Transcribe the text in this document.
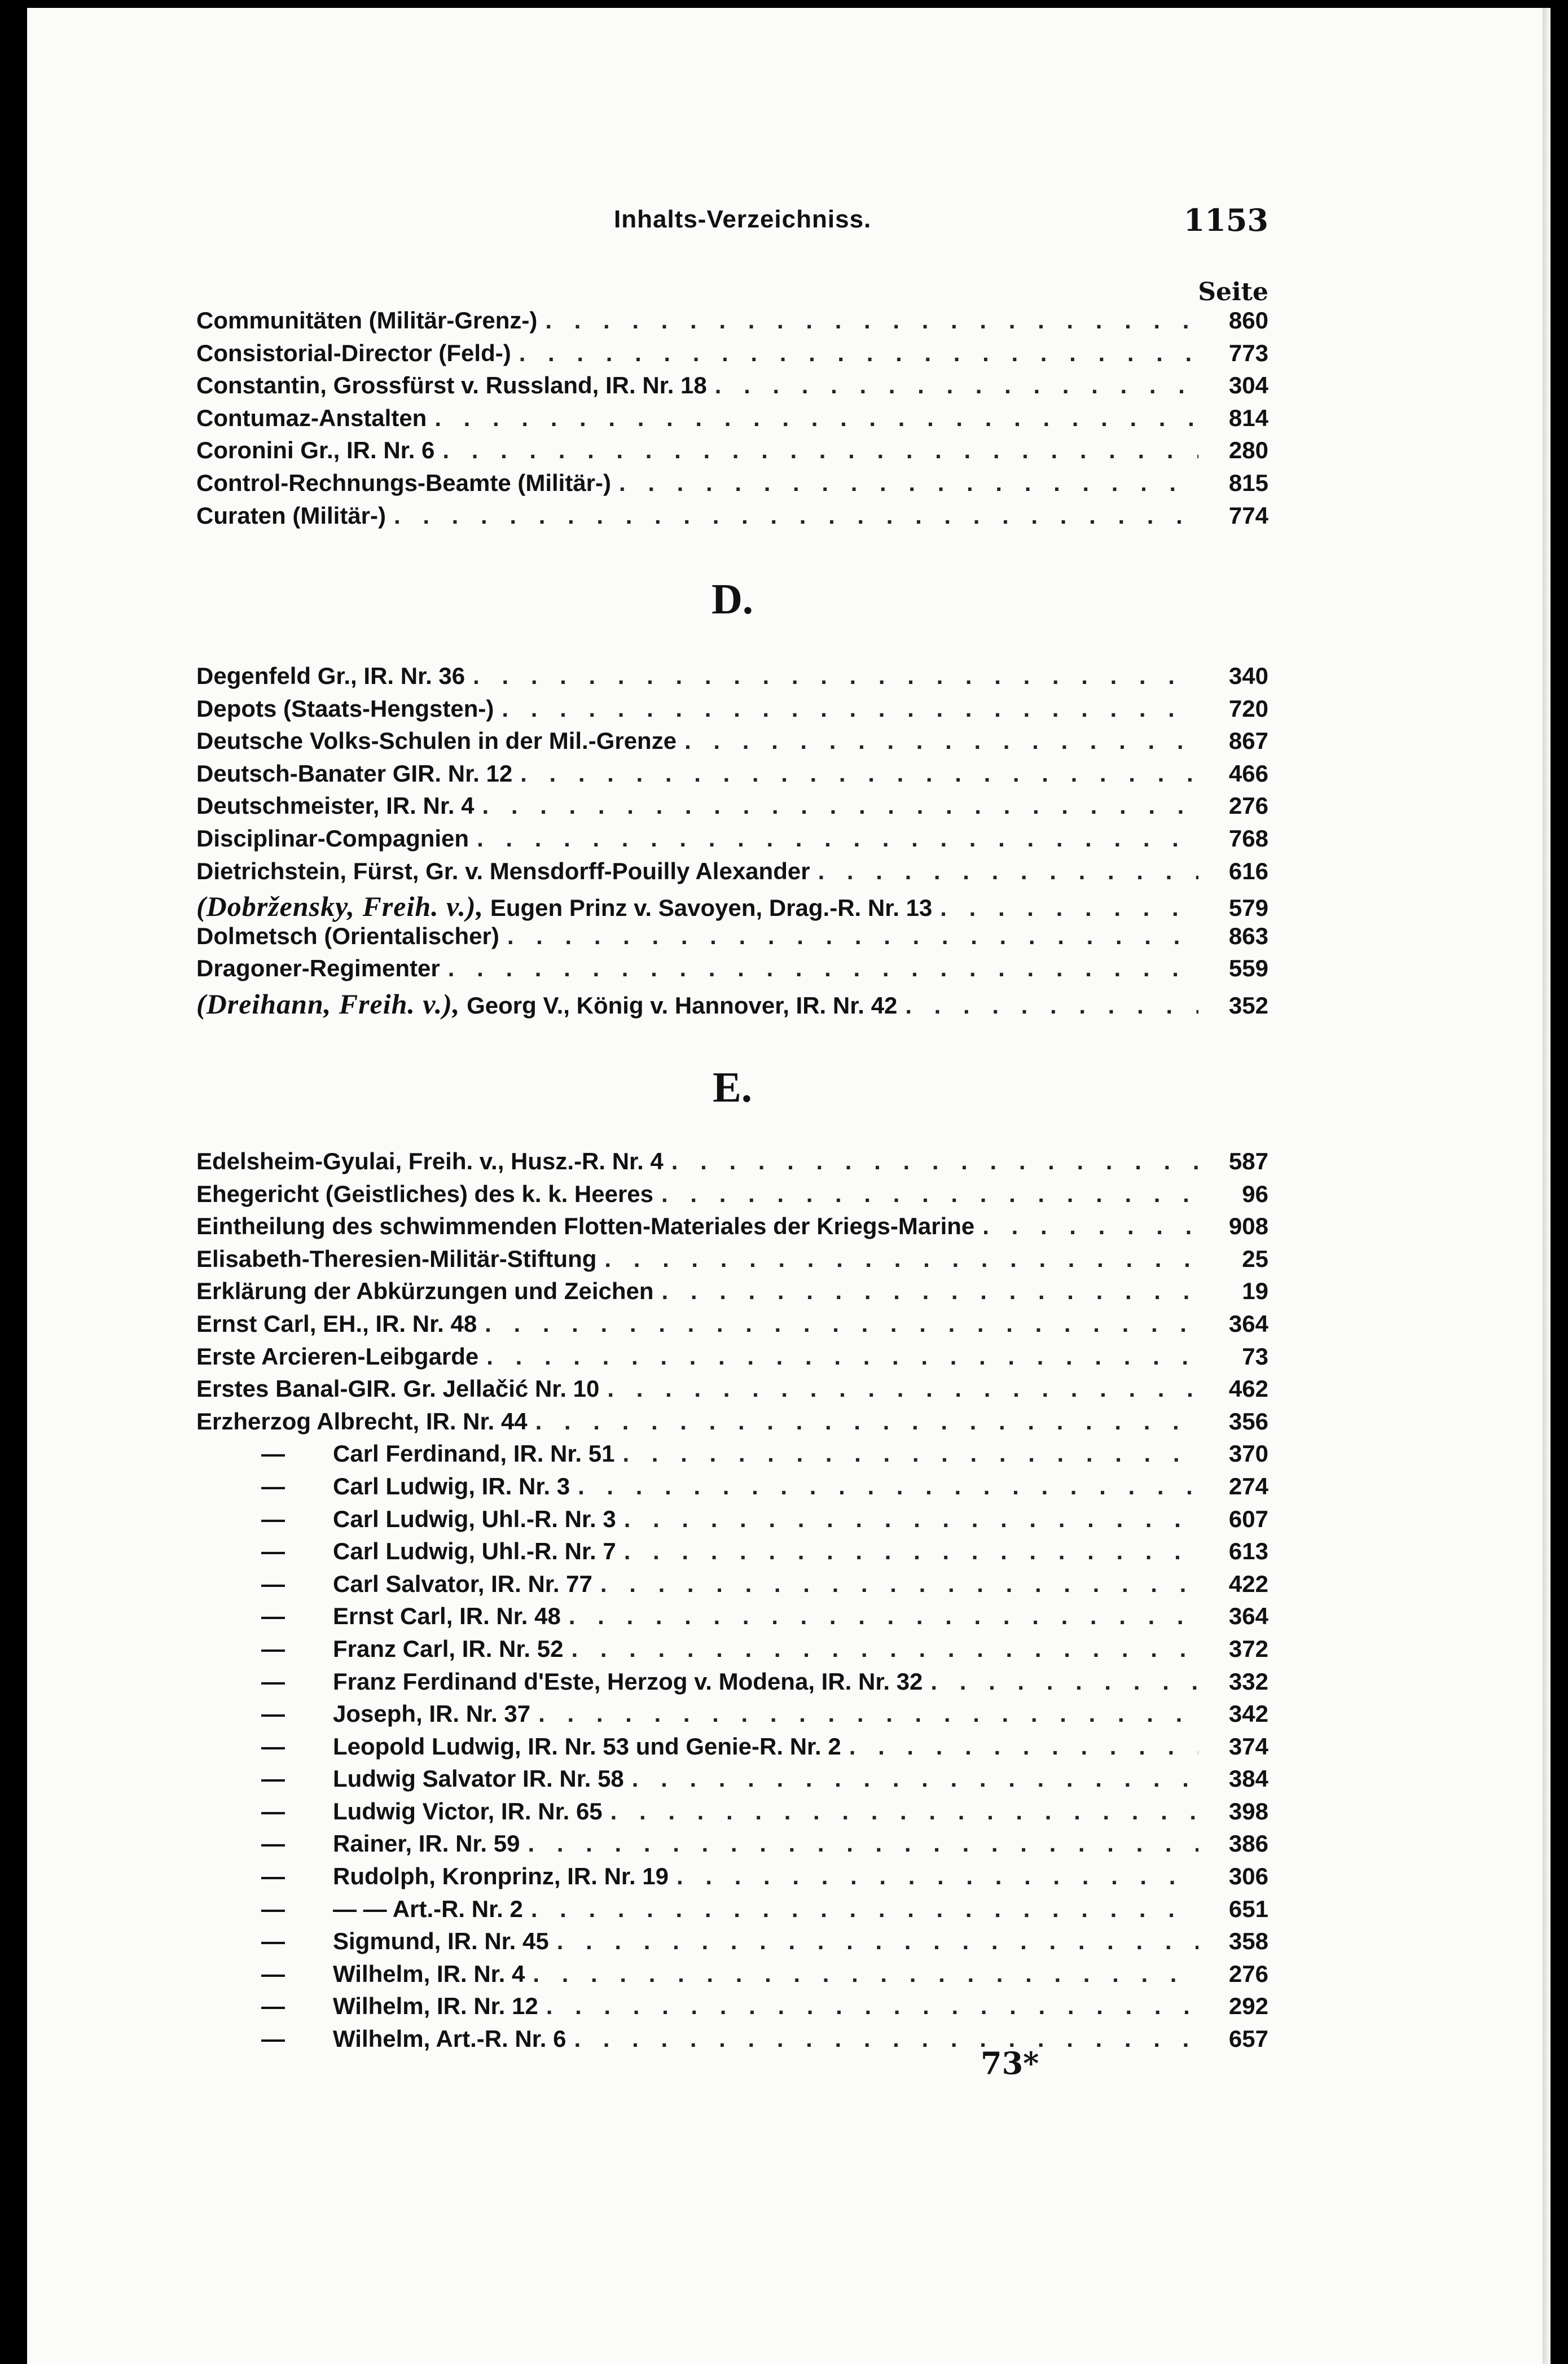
Inhalts-Verzeichniss.	1153
Seite
Communitäten (Militär-Grenz-) . . .	860
Consistorial-Director (Feld-) . . .	773
Constantin, Grossfürst v. Russland, IR. Nr. 18 . . .	304
Contumaz-Anstalten . . .	814
Coronini Gr., IR. Nr. 6 . . .	280
Control-Rechnungs-Beamte (Militär-) . . .	815
Curaten (Militär-) . . .	774
D.
Degenfeld Gr., IR. Nr. 36 . . .	340
Depots (Staats-Hengsten-) . . .	720
Deutsche Volks-Schulen in der Mil.-Grenze . . .	867
Deutsch-Banater GIR. Nr. 12 . . .	466
Deutschmeister, IR. Nr. 4 . . .	276
Disciplinar-Compagnien . . .	768
Dietrichstein, Fürst, Gr. v. Mensdorff-Pouilly Alexander . . .	616
(Dobržensky, Freih. v.), Eugen Prinz v. Savoyen, Drag.-R. Nr. 13 . . .	579
Dolmetsch (Orientalischer) . . .	863
Dragoner-Regimenter . . .	559
(Dreihann, Freih. v.), Georg V., König v. Hannover, IR. Nr. 42 . . .	352
E.
Edelsheim-Gyulai, Freih. v., Husz.-R. Nr. 4 . . .	587
Ehegericht (Geistliches) des k. k. Heeres . . .	96
Eintheilung des schwimmenden Flotten-Materiales der Kriegs-Marine . . .	908
Elisabeth-Theresien-Militär-Stiftung . . .	25
Erklärung der Abkürzungen und Zeichen . . .	19
Ernst Carl, EH., IR. Nr. 48 . . .	364
Erste Arcieren-Leibgarde . . .	73
Erstes Banal-GIR. Gr. Jellačić Nr. 10 . . .	462
Erzherzog Albrecht, IR. Nr. 44 . . .	356
—	Carl Ferdinand, IR. Nr. 51 . . .	370
—	Carl Ludwig, IR. Nr. 3 . . .	274
—	Carl Ludwig, Uhl.-R. Nr. 3 . . .	607
—	Carl Ludwig, Uhl.-R. Nr. 7 . . .	613
—	Carl Salvator, IR. Nr. 77 . . .	422
—	Ernst Carl, IR. Nr. 48 . . .	364
—	Franz Carl, IR. Nr. 52 . . .	372
—	Franz Ferdinand d'Este, Herzog v. Modena, IR. Nr. 32 . . .	332
—	Joseph, IR. Nr. 37 . . .	342
—	Leopold Ludwig, IR. Nr. 53 und Genie-R. Nr. 2 . . .	374
—	Ludwig Salvator IR. Nr. 58 . . .	384
—	Ludwig Victor, IR. Nr. 65 . . .	398
—	Rainer, IR. Nr. 59 . . .	386
—	Rudolph, Kronprinz, IR. Nr. 19 . . .	306
—	— — Art.-R. Nr. 2 . . .	651
—	Sigmund, IR. Nr. 45 . . .	358
—	Wilhelm, IR. Nr. 4 . . .	276
—	Wilhelm, IR. Nr. 12 . . .	292
—	Wilhelm, Art.-R. Nr. 6 . . .	657
73*
